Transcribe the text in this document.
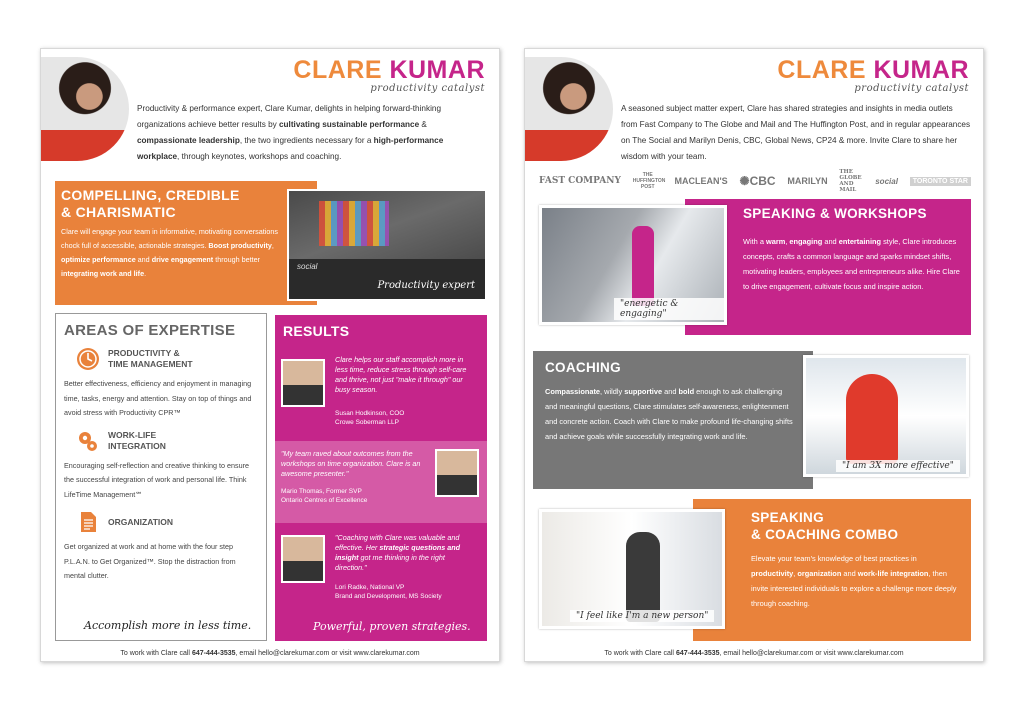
CLARE KUMAR
productivity catalyst
Productivity & performance expert, Clare Kumar, delights in helping forward-thinking organizations achieve better results by cultivating sustainable performance & compassionate leadership, the two ingredients necessary for a high-performance workplace, through keynotes, workshops and coaching.
COMPELLING, CREDIBLE
& CHARISMATIC

Clare will engage your team in informative, motivating conversations chock full of accessible, actionable strategies. Boost productivity, optimize performance and drive engagement through better integrating work and life.

social
Productivity expert
AREAS OF EXPERTISE
PRODUCTIVITY &
TIME MANAGEMENT

Better effectiveness, efficiency and enjoyment in managing time, tasks, energy and attention. Stay on top of things and avoid stress with Productivity CPR™

WORK-LIFE
INTEGRATION

Encouraging self-reflection and creative thinking to ensure the successful integration of work and personal life. Think LifeTime Management℠

ORGANIZATION

Get organized at work and at home with the four step P.L.A.N. to Get Organized™. Stop the distraction from mental clutter.

Accomplish more in less time.
RESULTS
Clare helps our staff accomplish more in less time, reduce stress through self-care and thrive, not just "make it through" our busy season.
Susan Hodkinson, COO
Crowe Soberman LLP
"My team raved about outcomes from the workshops on time organization. Clare is an awesome presenter."
Mario Thomas, Former SVP
Ontario Centres of Excellence
"Coaching with Clare was valuable and effective. Her strategic questions and insight got me thinking in the right direction."
Lori Radke, National VP
Brand and Development, MS Society
Powerful, proven strategies.
To work with Clare call 647-444-3535, email hello@clarekumar.com or visit www.clarekumar.com
CLARE KUMAR
productivity catalyst
A seasoned subject matter expert, Clare has shared strategies and insights in media outlets from Fast Company to The Globe and Mail and The Huffington Post, and in regular appearances on The Social and Marilyn Denis, CBC, Global News, CP24 & more. Invite Clare to share her wisdom with your team.
FAST COMPANY
THE HUFFINGTON POST
MACLEAN'S ✺CBC MARILYN
THE GLOBE AND MAIL
social	TORONTO STAR
SPEAKING & WORKSHOPS

With a warm, engaging and entertaining style, Clare introduces concepts, crafts a common language and sparks mindset shifts, motivating leaders, employees and entrepreneurs alike. Hire Clare to drive engagement, cultivate focus and inspire action.

"energetic & engaging"
COACHING

Compassionate, wildly supportive and bold enough to ask challenging and meaningful questions, Clare stimulates self-awareness, enlightenment and concrete action. Coach with Clare to make profound life-changing shifts and achieve goals while successfully integrating work and life.

"I am 3X more effective"
SPEAKING
& COACHING COMBO

Elevate your team's knowledge of best practices in productivity, organization and work-life integration, then invite interested individuals to explore a challenge more deeply through coaching.

"I feel like I'm a new person"
To work with Clare call 647-444-3535, email hello@clarekumar.com or visit www.clarekumar.com
